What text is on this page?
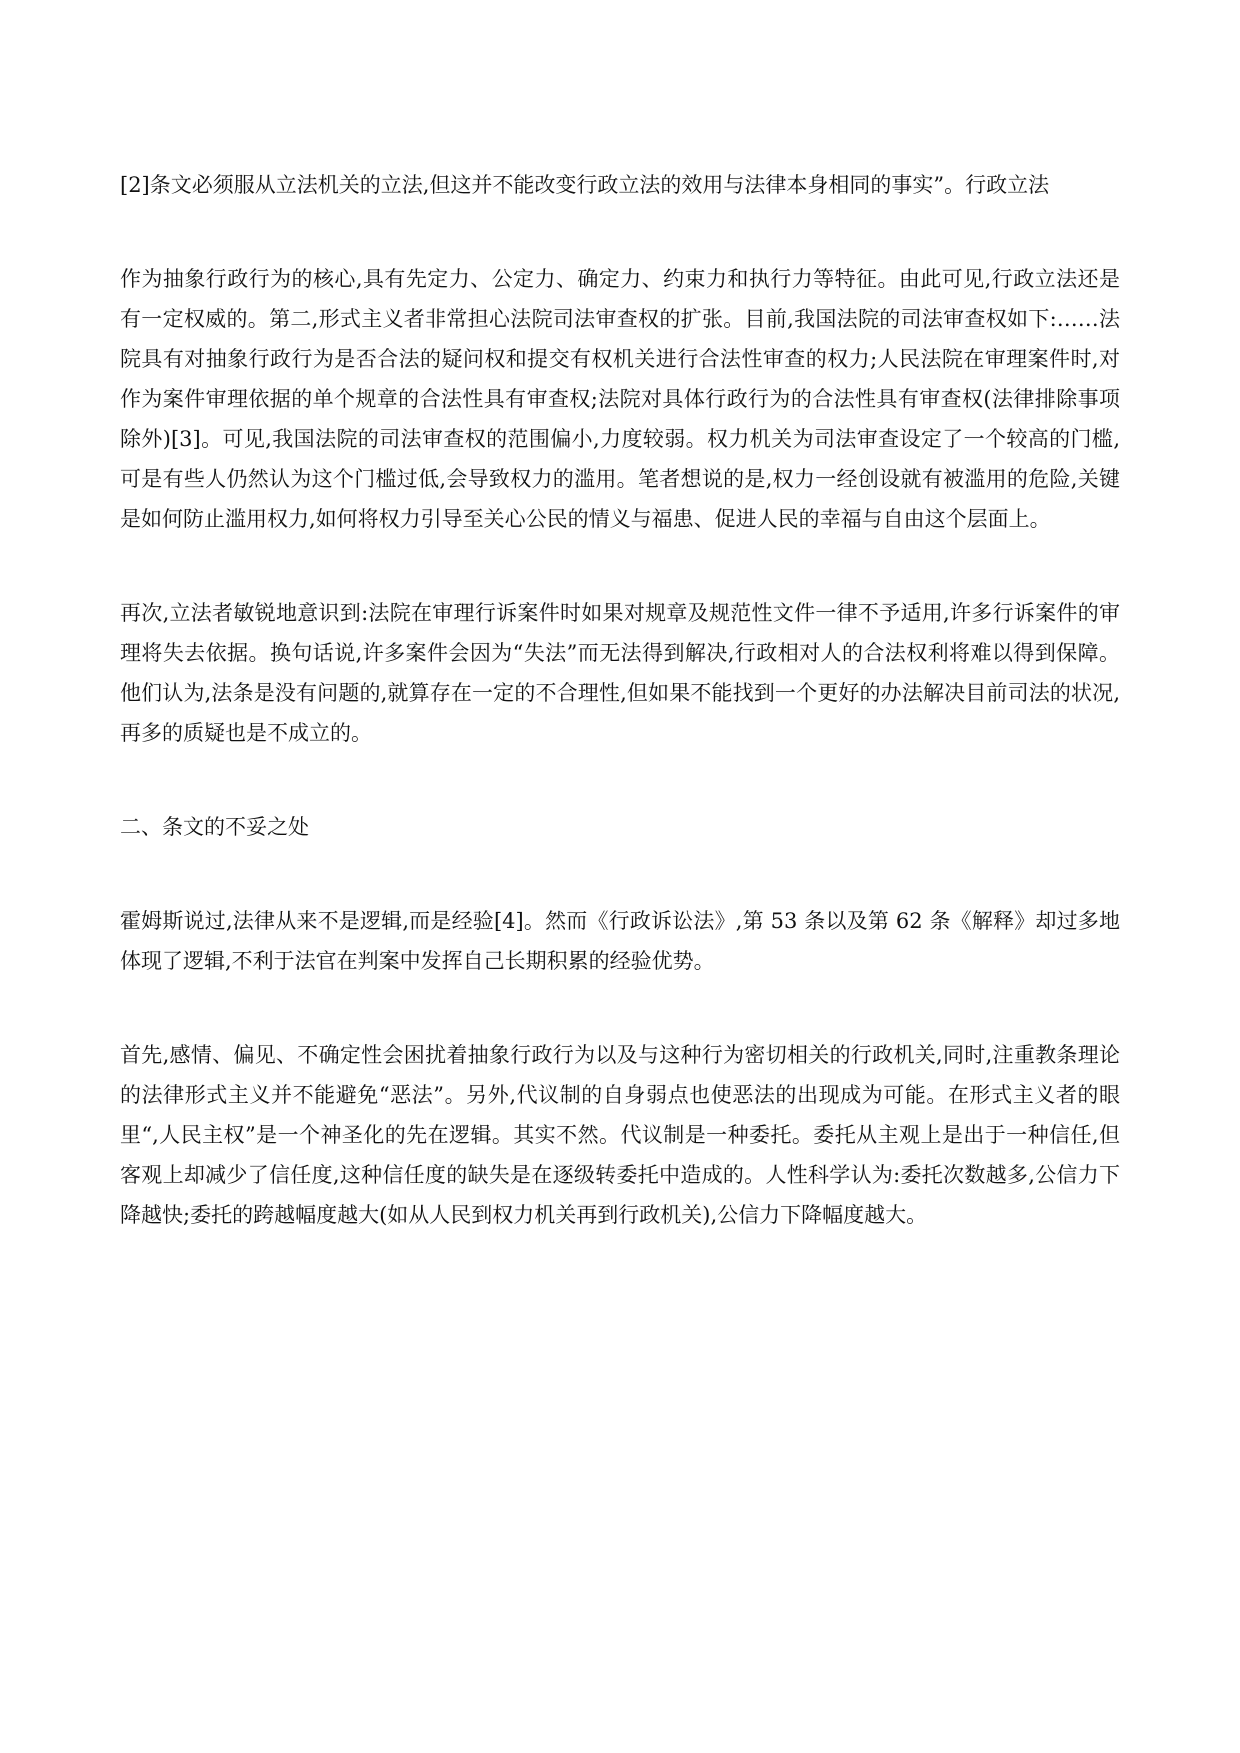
[2]条文必须服从立法机关的立法,但这并不能改变行政立法的效用与法律本身相同的事实”。行政立法

作为抽象行政行为的核心,具有先定力、公定力、确定力、约束力和执行力等特征。由此可见,行政立法还是有一定权威的。第二,形式主义者非常担心法院司法审查权的扩张。目前,我国法院的司法审查权如下:……法院具有对抽象行政行为是否合法的疑问权和提交有权机关进行合法性审查的权力;人民法院在审理案件时,对作为案件审理依据的单个规章的合法性具有审查权;法院对具体行政行为的合法性具有审查权(法律排除事项除外)[3]。可见,我国法院的司法审查权的范围偏小,力度较弱。权力机关为司法审查设定了一个较高的门槛,可是有些人仍然认为这个门槛过低,会导致权力的滥用。笔者想说的是,权力一经创设就有被滥用的危险,关键是如何防止滥用权力,如何将权力引导至关心公民的情义与福患、促进人民的幸福与自由这个层面上。

再次,立法者敏锐地意识到:法院在审理行诉案件时如果对规章及规范性文件一律不予适用,许多行诉案件的审理将失去依据。换句话说,许多案件会因为“失法”而无法得到解决,行政相对人的合法权利将难以得到保障。他们认为,法条是没有问题的,就算存在一定的不合理性,但如果不能找到一个更好的办法解决目前司法的状况,再多的质疑也是不成立的。

二、条文的不妥之处

霍姆斯说过,法律从来不是逻辑,而是经验[4]。然而《行政诉讼法》,第 53 条以及第 62 条《解释》却过多地体现了逻辑,不利于法官在判案中发挥自己长期积累的经验优势。

首先,感情、偏见、不确定性会困扰着抽象行政行为以及与这种行为密切相关的行政机关,同时,注重教条理论的法律形式主义并不能避免“恶法”。另外,代议制的自身弱点也使恶法的出现成为可能。在形式主义者的眼里“,人民主权”是一个神圣化的先在逻辑。其实不然。代议制是一种委托。委托从主观上是出于一种信任,但客观上却减少了信任度,这种信任度的缺失是在逐级转委托中造成的。人性科学认为:委托次数越多,公信力下降越快;委托的跨越幅度越大(如从人民到权力机关再到行政机关),公信力下降幅度越大。
